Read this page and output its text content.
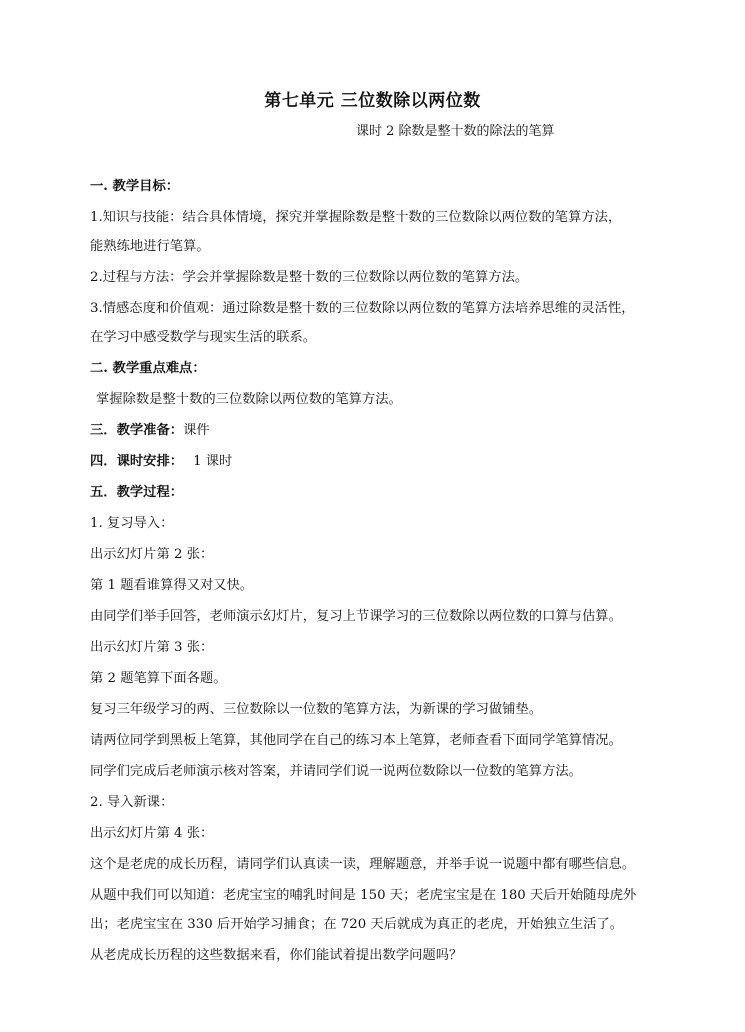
第七单元 三位数除以两位数
课时 2 除数是整十数的除法的笔算
一. 教学目标：
1.知识与技能：结合具体情境，探究并掌握除数是整十数的三位数除以两位数的笔算方法，
能熟练地进行笔算。
2.过程与方法：学会并掌握除数是整十数的三位数除以两位数的笔算方法。
3.情感态度和价值观：通过除数是整十数的三位数除以两位数的笔算方法培养思维的灵活性，
在学习中感受数学与现实生活的联系。
二. 教学重点难点：
掌握除数是整十数的三位数除以两位数的笔算方法。
三．教学准备：课件
四．课时安排： 1 课时
五．教学过程：
1. 复习导入：
出示幻灯片第 2 张：
第 1 题看谁算得又对又快。
由同学们举手回答，老师演示幻灯片，复习上节课学习的三位数除以两位数的口算与估算。
出示幻灯片第 3 张：
第 2 题笔算下面各题。
复习三年级学习的两、三位数除以一位数的笔算方法，为新课的学习做铺垫。
请两位同学到黑板上笔算，其他同学在自己的练习本上笔算，老师查看下面同学笔算情况。
同学们完成后老师演示核对答案，并请同学们说一说两位数除以一位数的笔算方法。
2. 导入新课：
出示幻灯片第 4 张：
这个是老虎的成长历程，请同学们认真读一读，理解题意，并举手说一说题中都有哪些信息。
从题中我们可以知道：老虎宝宝的哺乳时间是 150 天；老虎宝宝是在 180 天后开始随母虎外
出；老虎宝宝在 330 后开始学习捕食；在 720 天后就成为真正的老虎，开始独立生活了。
从老虎成长历程的这些数据来看，你们能试着提出数学问题吗？
